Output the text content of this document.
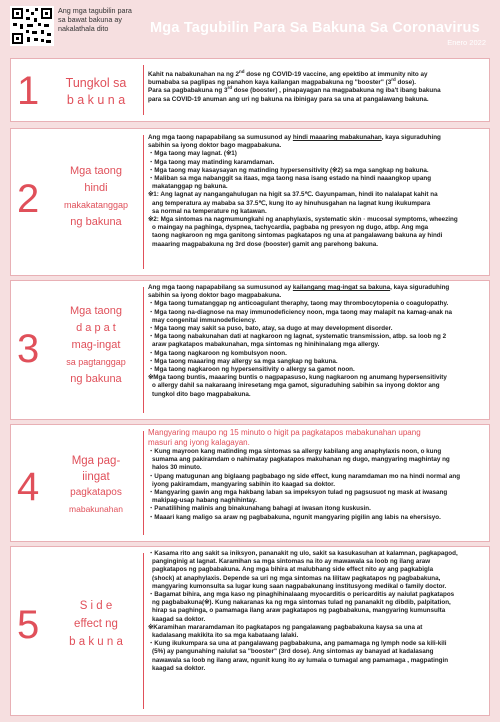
Ang mga tagubilin para sa bawat bakuna ay nakalathala dito	Mga Tagubilin Para Sa Bakuna Sa Coronavirus
Enero 2022
1	Tungkol sa
b a k u n a

Kahit na nabakunahan na ng 2nd dose ng COVID-19 vaccine, ang epektibo at immunity nito ay

bumababa sa paglipas ng panahon kaya kailangan magpabakuna ng "booster" (3rd dose).

Para sa pagbabakuna ng 3rd dose (booster) , pinapayagan na magpabakuna ng iba't ibang bakuna

para sa COVID-19 anuman ang uri ng bakuna na ibinigay para sa una at pangalawang bakuna.

2
Mga taong
hindi
makakatanggap
ng bakuna

Ang mga taong napapabilang sa sumusunod ay hindi maaaring mabakunahan, kaya siguraduhing

sabihin sa iyong doktor bago magpabakuna.

・Mga taong may lagnat. (※1)

・Mga taong may matinding karamdaman.

・Mga taong may kasaysayan ng matinding hypersensitivity (※2) sa mga sangkap ng bakuna.

・Maliban sa mga nabanggit sa itaas, mga taong nasa isang estado na hindi naaangkop upang

makatanggap ng bakuna.

※1: Ang lagnat ay nangangahulugan na higit sa 37.5℃. Gayunpaman, hindi ito nalalapat kahit na

ang temperatura ay mababa sa 37.5℃, kung ito ay hinuhusgahan na lagnat kung ikukumpara

sa normal na temperature ng katawan.

※2: Mga sintomas na nagmumungkahi ng anaphylaxis, systematic skin · mucosal symptoms, wheezing

o maingay na paghinga, dyspnea, tachycardia, pagbaba ng presyon ng dugo, atbp. Ang mga

taong nagkaroon ng mga ganitong sintomas pagkatapos ng una at pangalawang bakuna ay hindi

maaaring magpabakuna ng 3rd dose (booster) gamit ang parehong bakuna.

3
Mga taong
d a p a t
mag-ingat
sa pagtanggap
ng bakuna

Ang mga taong napapabilang sa sumusunod ay kailangang mag-ingat sa bakuna, kaya siguraduhing

sabihin sa iyong doktor bago magpabakuna.

・Mga taong tumatanggap ng anticoagulant theraphy, taong may thrombocytopenia o coagulopathy.

・Mga taong na-diagnose na may immunodeficiency noon, mga taong may malapit na kamag-anak na

may congenital immunodeficiency.

・Mga taong may sakit sa puso, bato, atay, sa dugo at may development disorder.

・Mga taong nabakunahan dati at nagkaroon ng lagnat, systematic transmission, atbp. sa loob ng 2

araw pagkatapos mabakunahan, mga sintomas ng hinihinalang mga allergy.

・Mga taong nagkaroon ng kombulsyon noon.

・Mga taong maaaring may allergy sa mga sangkap ng bakuna.

・Mga taong nagkaroon ng hypersensitivity o allergy sa gamot noon.

※Mga taong buntis, maaaring buntis o nagpapasuso, kung nagkaroon ng anumang hypersensitivity

o allergy dahil sa nakaraang iniresetang mga gamot, siguraduhing sabihin sa inyong doktor ang

tungkol dito bago magpabakuna.

4
Mga pag-
iingat
pagkatapos
mabakunahan

Mangyaring maupo ng 15 minuto o higit pa pagkatapos mabakunahan upang

masuri ang iyong kalagayan.

・Kung mayroon kang matinding mga sintomas sa allergy kabilang ang anaphylaxis noon, o kung

sumama ang pakiramdam o nahimatay pagkatapos makuhanan ng dugo, mangyaring maghintay ng

halos 30 minuto.

・Upang matugunan ang biglaang pagbabago ng side effect, kung naramdaman mo na hindi normal ang

iyong pakiramdam, mangyaring sabihin ito kaagad sa doktor.

・Mangyaring gawin ang mga hakbang laban sa impeksyon tulad ng pagsusuot ng mask at iwasang

makipag-usap habang naghihintay.

・Panatilihing malinis ang binakunahang bahagi at iwasan itong kuskusin.

・Maaari kang maligo sa araw ng pagbabakuna, ngunit mangyaring pigilin ang labis na ehersisyo.

5	S i d e
effect ng
b a k u n a

・Kasama rito ang sakit sa iniksyon, pananakit ng ulo, sakit sa kasukasuhan at kalamnan, pagkapagod,

panginginig at lagnat. Karamihan sa mga sintomas na ito ay mawawala sa loob ng ilang araw

pagkatapos ng pagbabakuna. Ang mga bihira at malubhang side effect nito ay ang pagkabigla

(shock) at anaphylaxis. Depende sa uri ng mga sintomas na lilitaw pagkatapos ng pagbabakuna,

mangyaring kumonsulta sa lugar kung saan nagpabakunang institusyong medikal o family doctor.

・Bagamat bihira, ang mga kaso ng pinaghihinalaang myocarditis o pericarditis ay naiulat pagkatapos

ng pagbabakuna(※). Kung nakaranas ka ng mga sintomas tulad ng pananakit ng dibdib, palpitation,

hirap sa paghinga, o pamamaga ilang araw pagkatapos ng pagbabakuna, mangyaring kumunsulta

kaagad sa doktor.

※Karamihan mararamdaman ito pagkatapos ng pangalawang pagbabakuna kaysa sa una at

kadalasang makikita ito sa mga kabataang lalaki.

・Kung ikukumpara sa una at pangalawang pagbabakuna, ang pamamaga ng lymph node sa kili-kili

(5%) ay pangunahing naiulat sa "booster" (3rd dose). Ang sintomas ay banayad at kadalasang

nawawala sa loob ng ilang araw, ngunit kung ito ay lumala o tumagal ang pamamaga , magpatingin

kaagad sa doktor.
